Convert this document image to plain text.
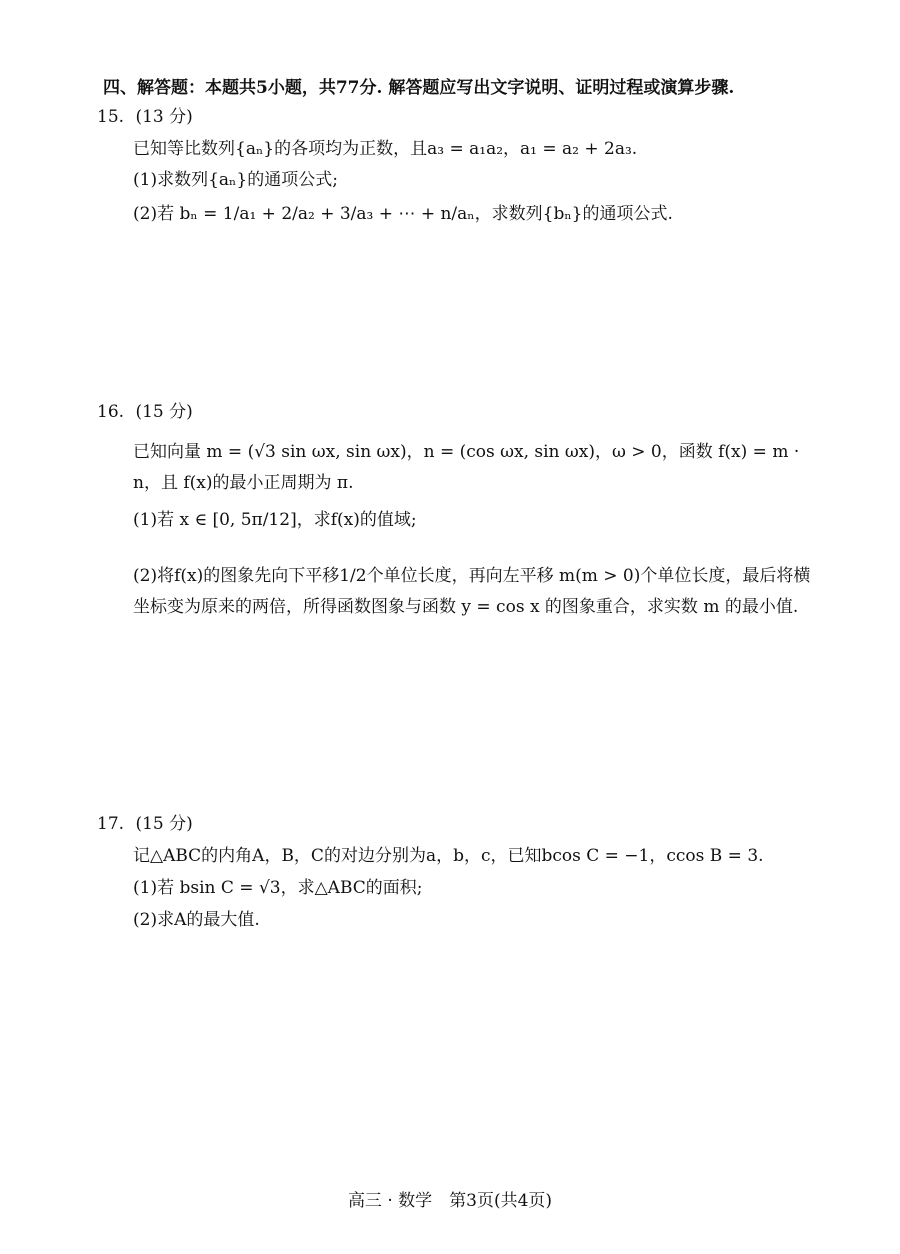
四、解答题：本题共5小题，共77分. 解答题应写出文字说明、证明过程或演算步骤.
15. (13 分)
已知等比数列{aₙ}的各项均为正数，且a₃ = a₁a₂，a₁ = a₂ + 2a₃.
(1)求数列{aₙ}的通项公式;
(2)若 bₙ = 1/a₁ + 2/a₂ + 3/a₃ + ⋯ + n/aₙ，求数列{bₙ}的通项公式.
16. (15 分)
已知向量 m = (√3 sin ωx, sin ωx)，n = (cos ωx, sin ωx)，ω > 0，函数 f(x) = m · n，且 f(x)的最小正周期为 π.
(1)若 x ∈ [0, 5π/12]，求f(x)的值域;
(2)将f(x)的图象先向下平移1/2个单位长度，再向左平移 m(m > 0)个单位长度，最后将横坐标变为原来的两倍，所得函数图象与函数 y = cos x 的图象重合，求实数 m 的最小值.
17. (15 分)
记△ABC的内角A，B，C的对边分别为a，b，c，已知bcos C = −1，ccos B = 3.
(1)若 bsin C = √3，求△ABC的面积;
(2)求A的最大值.
高三 · 数学　第3页(共4页)
